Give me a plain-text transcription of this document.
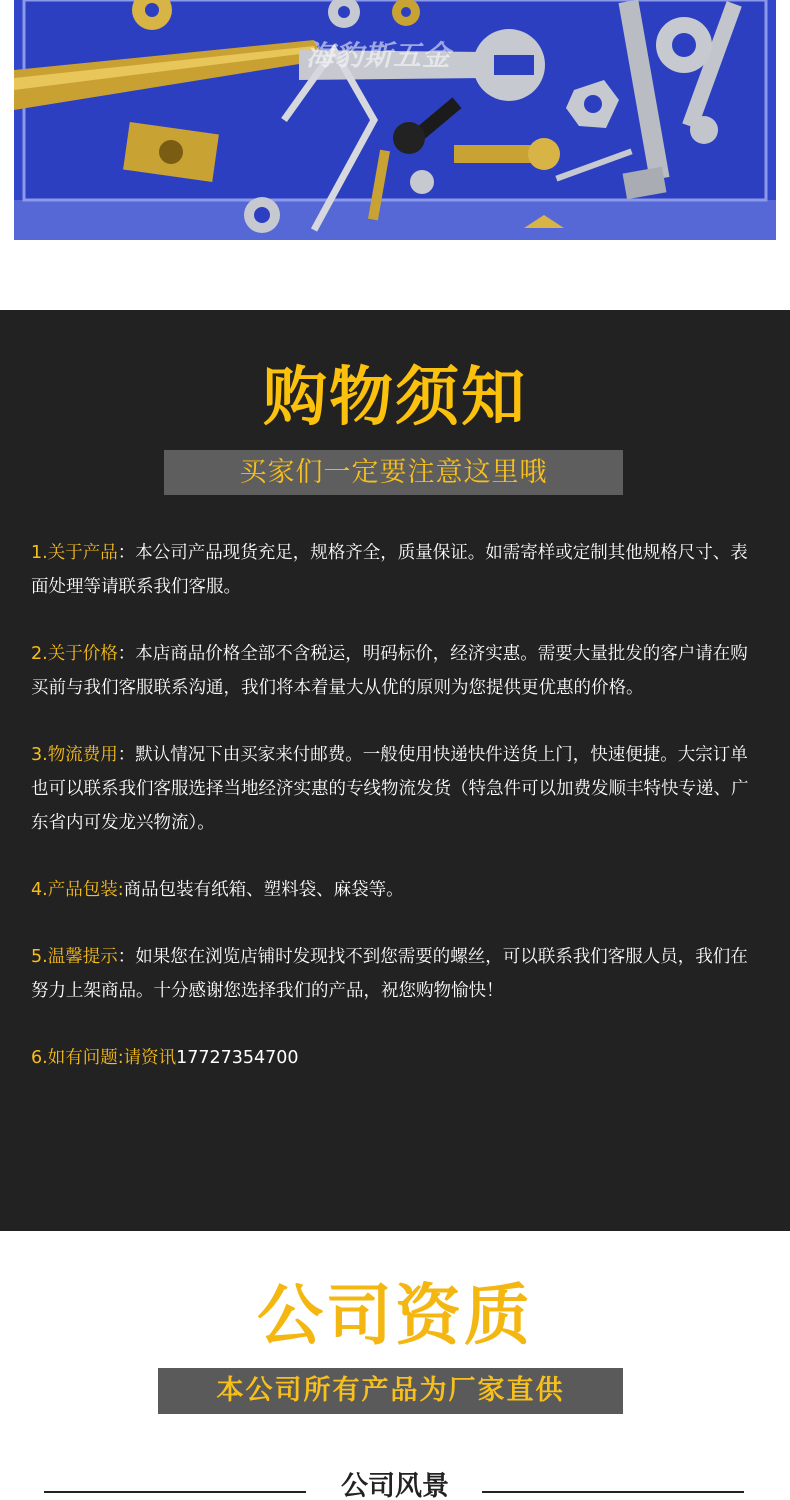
海豹斯五金
购物须知
买家们一定要注意这里哦

1.关于产品：本公司产品现货充足，规格齐全，质量保证。如需寄样或定制其他规格尺寸、表面处理等请联系我们客服。

2.关于价格：本店商品价格全部不含税运，明码标价，经济实惠。需要大量批发的客户请在购买前与我们客服联系沟通，我们将本着量大从优的原则为您提供更优惠的价格。

3.物流费用：默认情况下由买家来付邮费。一般使用快递快件送货上门，快速便捷。大宗订单也可以联系我们客服选择当地经济实惠的专线物流发货（特急件可以加费发顺丰特快专递、广东省内可发龙兴物流）。

4.产品包装:商品包装有纸箱、塑料袋、麻袋等。

5.温馨提示：如果您在浏览店铺时发现找不到您需要的螺丝，可以联系我们客服人员，我们在努力上架商品。十分感谢您选择我们的产品，祝您购物愉快！

6.如有问题:请资讯17727354700

公司资质
本公司所有产品为厂家直供
公司风景
